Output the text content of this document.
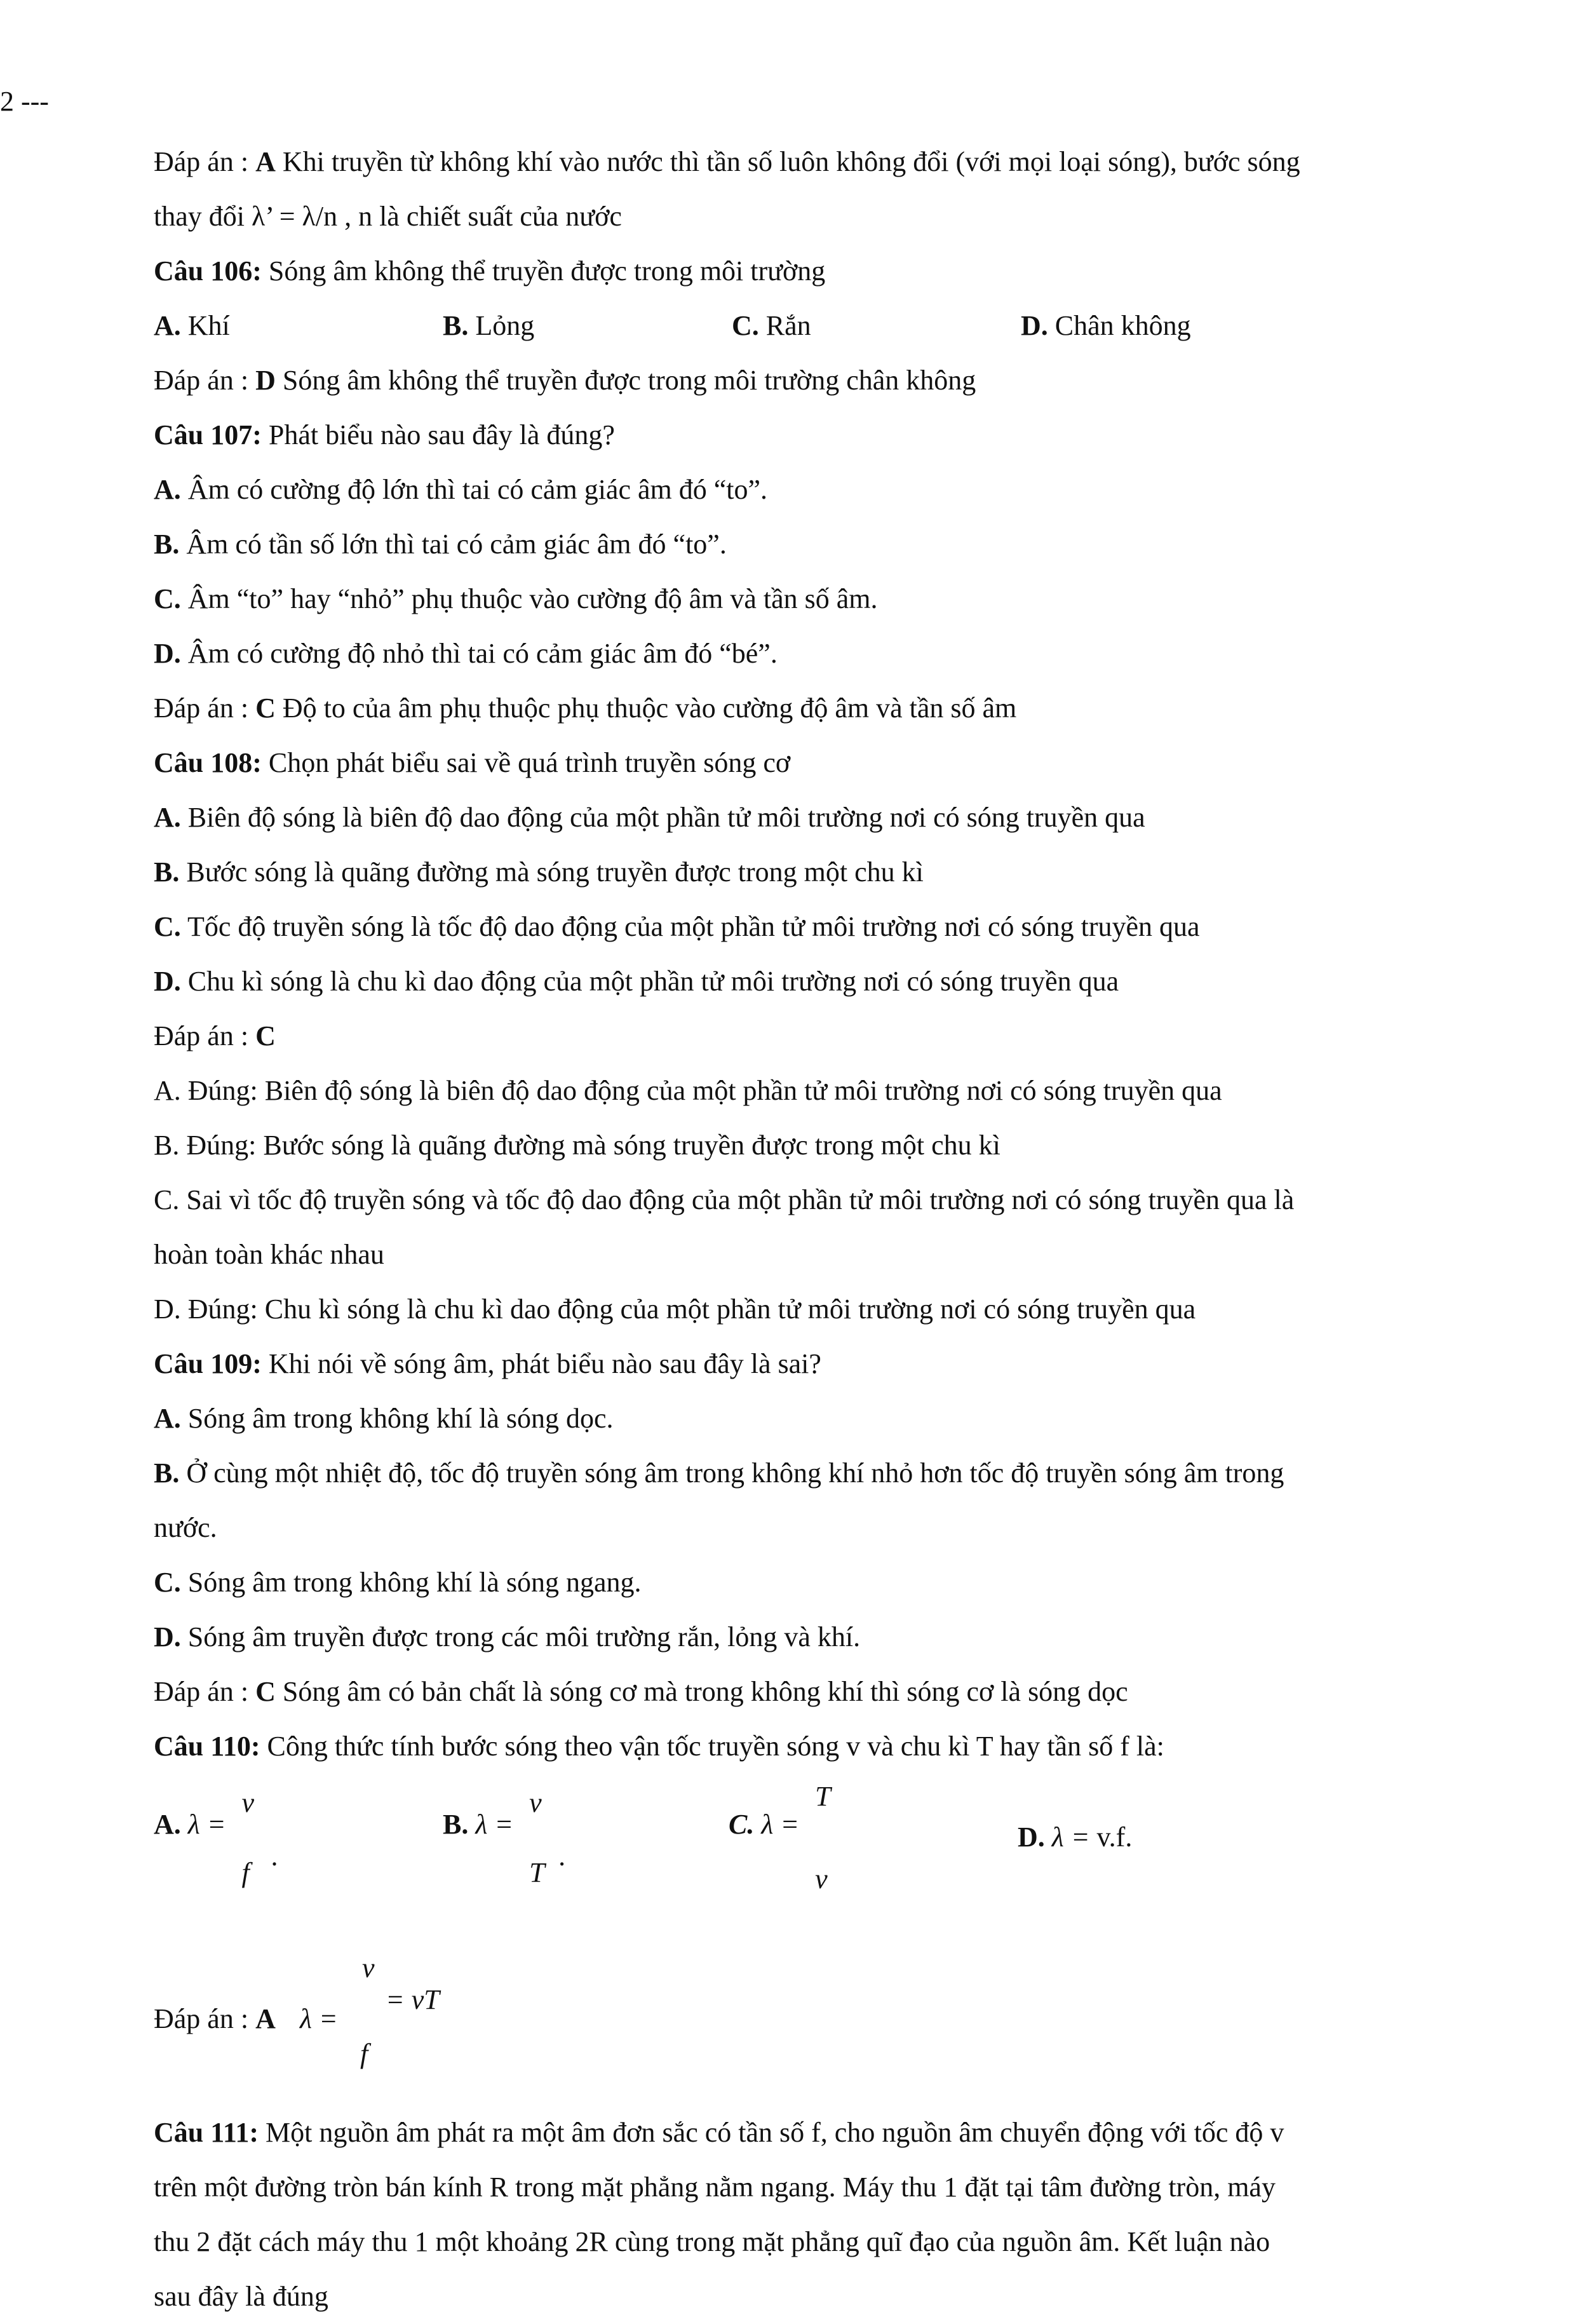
2 ---
Đáp án : A Khi truyền từ không khí vào nước thì tần số luôn không đổi (với mọi loại sóng), bước sóng
thay đổi λ’ = λ/n , n là chiết suất của nước
Câu 106: Sóng âm không thể truyền được trong môi trường
A. Khí	B. Lỏng	C. Rắn	D. Chân không
Đáp án : D Sóng âm không thể truyền được trong môi trường chân không
Câu 107: Phát biểu nào sau đây là đúng?
A. Âm có cường độ lớn thì tai có cảm giác âm đó “to”.
B. Âm có tần số lớn thì tai có cảm giác âm đó “to”.
C. Âm “to” hay “nhỏ” phụ thuộc vào cường độ âm và tần số âm.
D. Âm có cường độ nhỏ thì tai có cảm giác âm đó “bé”.
Đáp án : C Độ to của âm phụ thuộc phụ thuộc vào cường độ âm và tần số âm
Câu 108: Chọn phát biểu sai về quá trình truyền sóng cơ
A. Biên độ sóng là biên độ dao động của một phần tử môi trường nơi có sóng truyền qua
B. Bước sóng là quãng đường mà sóng truyền được trong một chu kì
C. Tốc độ truyền sóng là tốc độ dao động của một phần tử môi trường nơi có sóng truyền qua
D. Chu kì sóng là chu kì dao động của một phần tử môi trường nơi có sóng truyền qua
Đáp án : C
A. Đúng: Biên độ sóng là biên độ dao động của một phần tử môi trường nơi có sóng truyền qua
B. Đúng: Bước sóng là quãng đường mà sóng truyền được trong một chu kì
C. Sai vì tốc độ truyền sóng và tốc độ dao động của một phần tử môi trường nơi có sóng truyền qua là
hoàn toàn khác nhau
D. Đúng: Chu kì sóng là chu kì dao động của một phần tử môi trường nơi có sóng truyền qua
Câu 109: Khi nói về sóng âm, phát biểu nào sau đây là sai?
A. Sóng âm trong không khí là sóng dọc.
B. Ở cùng một nhiệt độ, tốc độ truyền sóng âm trong không khí nhỏ hơn tốc độ truyền sóng âm trong
nước.
C. Sóng âm trong không khí là sóng ngang.
D. Sóng âm truyền được trong các môi trường rắn, lỏng và khí.
Đáp án : C Sóng âm có bản chất là sóng cơ mà trong không khí thì sóng cơ là sóng dọc
Câu 110: Công thức tính bước sóng theo vận tốc truyền sóng v và chu kì T hay tần số f là:
A. λ =
v
f
.
B. λ =
v
T
.
C. λ =
T
v
D. λ = v.f.
Đáp án : A λ =
v
f
= vT
Câu 111: Một nguồn âm phát ra một âm đơn sắc có tần số f, cho nguồn âm chuyển động với tốc độ v
trên một đường tròn bán kính R trong mặt phẳng nằm ngang. Máy thu 1 đặt tại tâm đường tròn, máy
thu 2 đặt cách máy thu 1 một khoảng 2R cùng trong mặt phẳng quĩ đạo của nguồn âm. Kết luận nào
sau đây là đúng
